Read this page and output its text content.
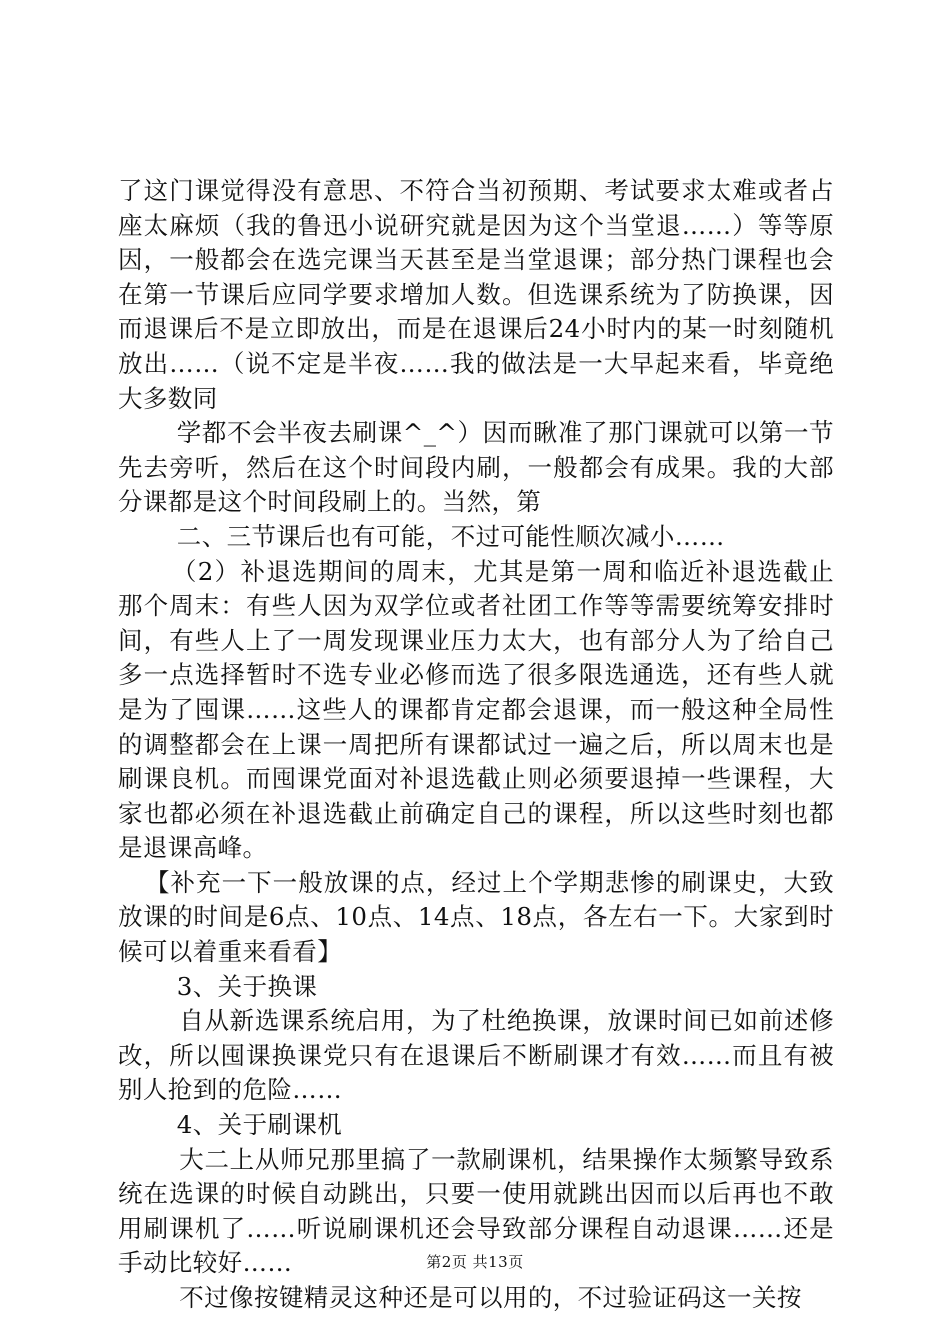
了这门课觉得没有意思、不符合当初预期、考试要求太难或者占座太麻烦（我的鲁迅小说研究就是因为这个当堂退……）等等原因，一般都会在选完课当天甚至是当堂退课；部分热门课程也会在第一节课后应同学要求增加人数。但选课系统为了防换课，因而退课后不是立即放出，而是在退课后24小时内的某一时刻随机放出……（说不定是半夜……我的做法是一大早起来看，毕竟绝大多数同

学都不会半夜去刷课^_^）因而瞅准了那门课就可以第一节先去旁听，然后在这个时间段内刷，一般都会有成果。我的大部分课都是这个时间段刷上的。当然，第

二、三节课后也有可能，不过可能性顺次减小……

（2）补退选期间的周末，尤其是第一周和临近补退选截止那个周末：有些人因为双学位或者社团工作等等需要统筹安排时间，有些人上了一周发现课业压力太大，也有部分人为了给自己多一点选择暂时不选专业必修而选了很多限选通选，还有些人就是为了囤课……这些人的课都肯定都会退课，而一般这种全局性的调整都会在上课一周把所有课都试过一遍之后，所以周末也是刷课良机。而囤课党面对补退选截止则必须要退掉一些课程，大家也都必须在补退选截止前确定自己的课程，所以这些时刻也都是退课高峰。

【补充一下一般放课的点，经过上个学期悲惨的刷课史，大致放课的时间是6点、10点、14点、18点，各左右一下。大家到时候可以着重来看看】

3、关于换课

自从新选课系统启用，为了杜绝换课，放课时间已如前述修改，所以囤课换课党只有在退课后不断刷课才有效……而且有被别人抢到的危险……

4、关于刷课机

大二上从师兄那里搞了一款刷课机，结果操作太频繁导致系统在选课的时候自动跳出，只要一使用就跳出因而以后再也不敢用刷课机了……听说刷课机还会导致部分课程自动退课……还是手动比较好……

不过像按键精灵这种还是可以用的，不过验证码这一关按

第2页 共13页
